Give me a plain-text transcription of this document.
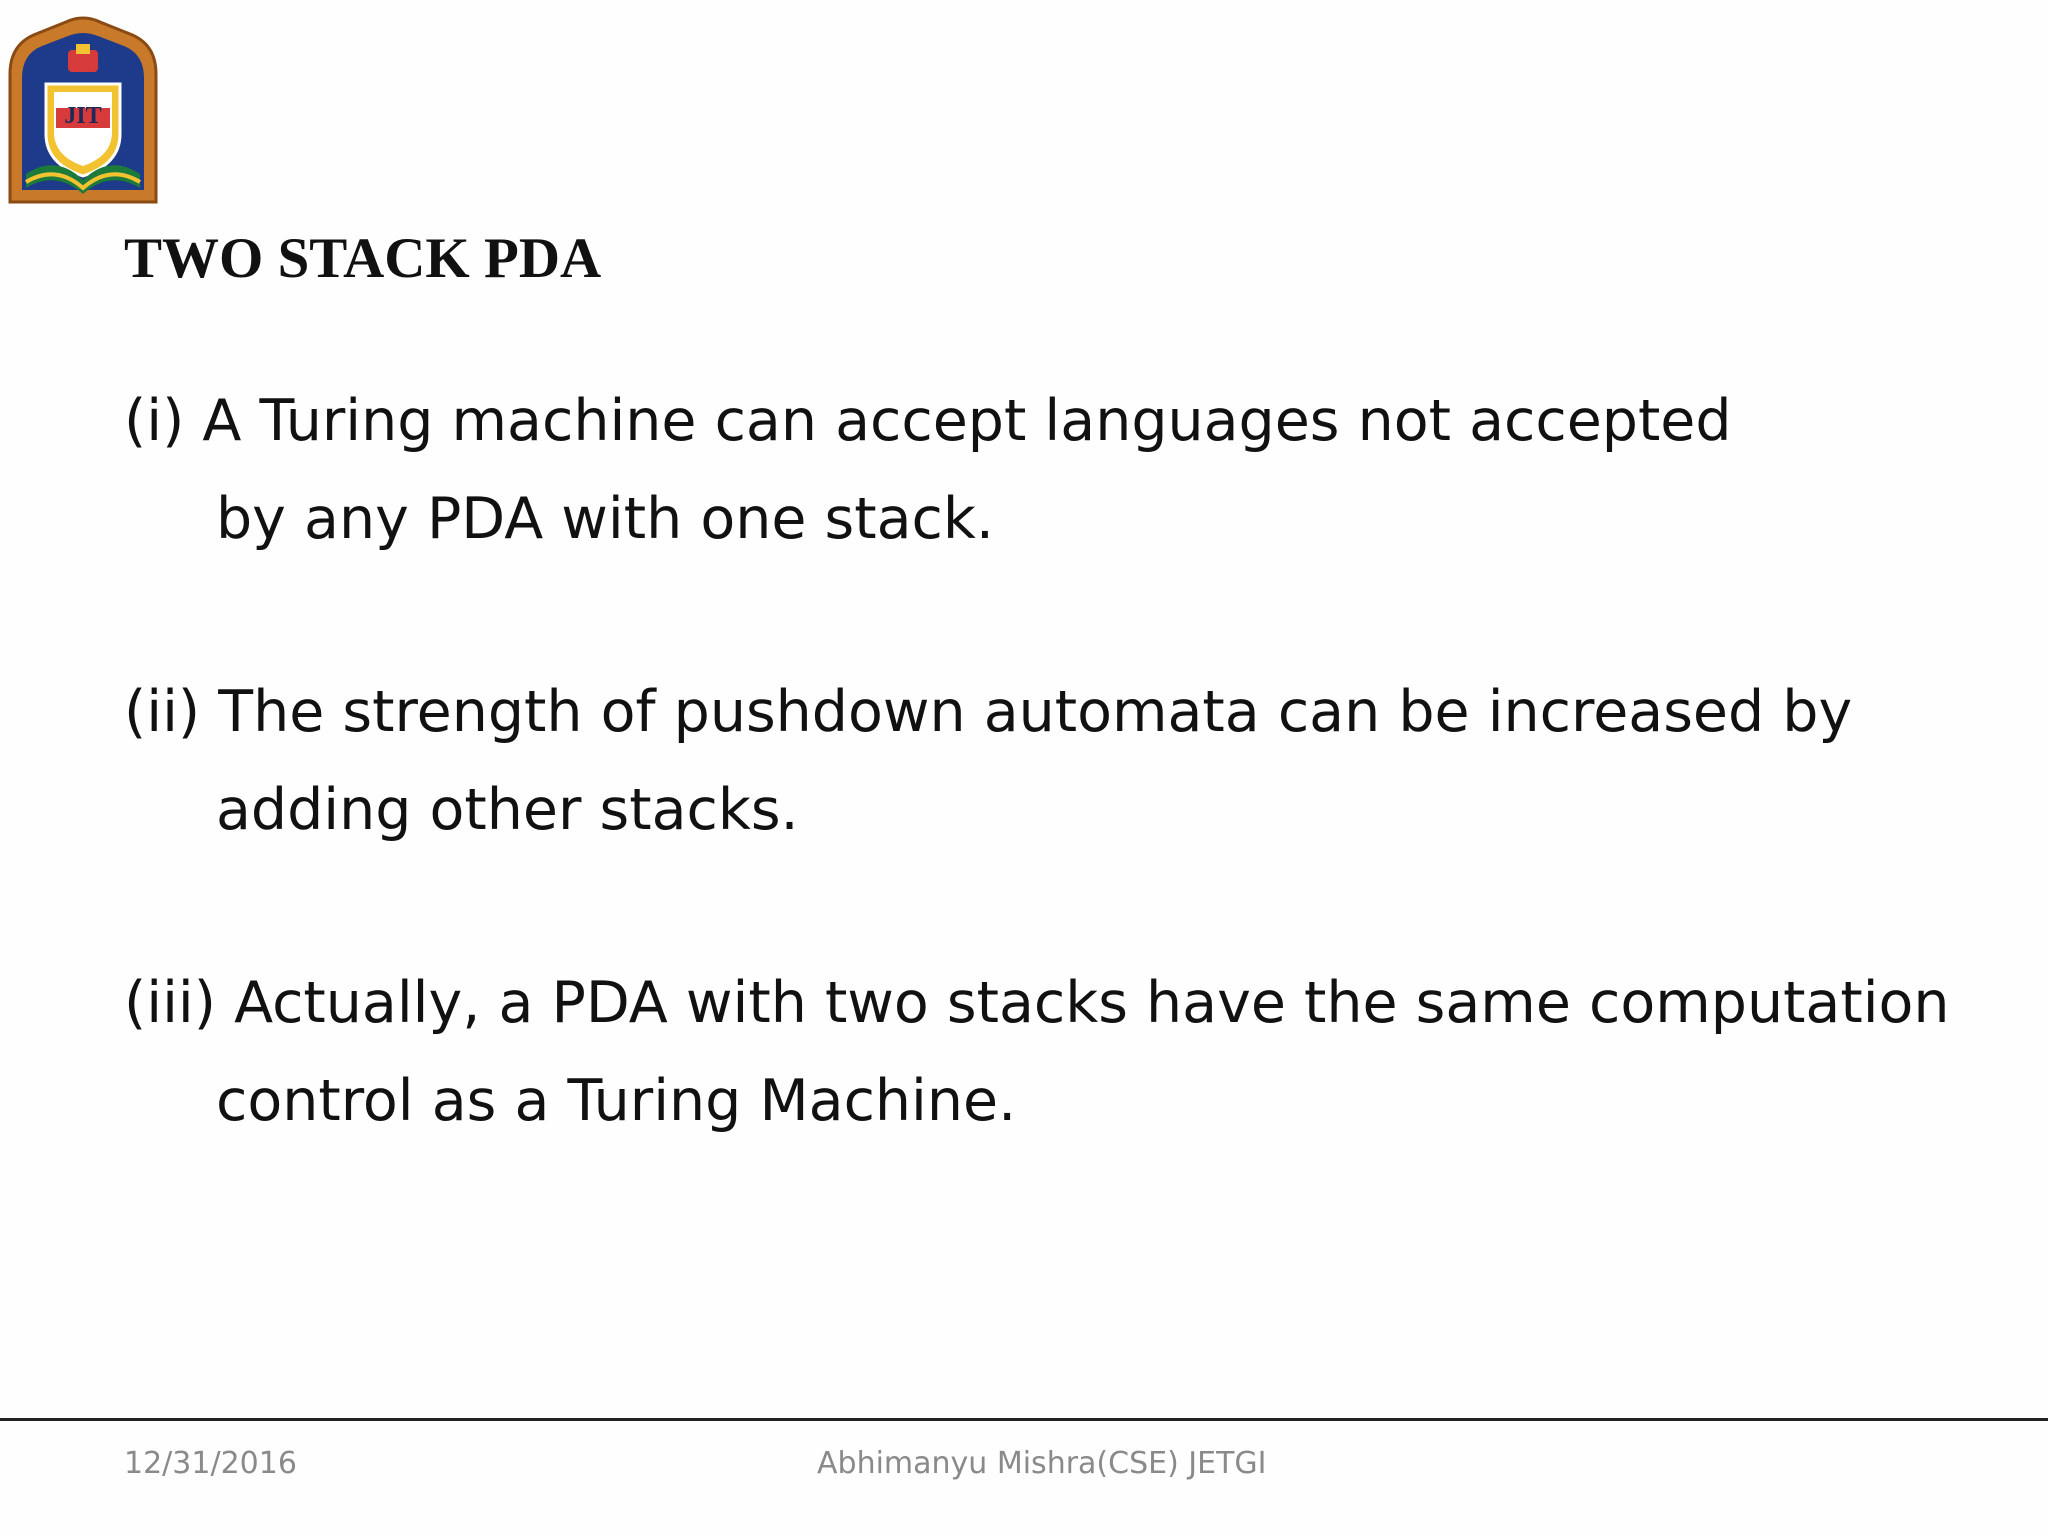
JIT
TWO STACK PDA
(i) A Turing machine can accept languages not accepted
by any PDA with one stack.
(ii) The strength of pushdown automata can be increased by
adding other stacks.
(iii) Actually, a PDA with two stacks have the same computation
control as a Turing Machine.
12/31/2016	Abhimanyu Mishra(CSE) JETGI
